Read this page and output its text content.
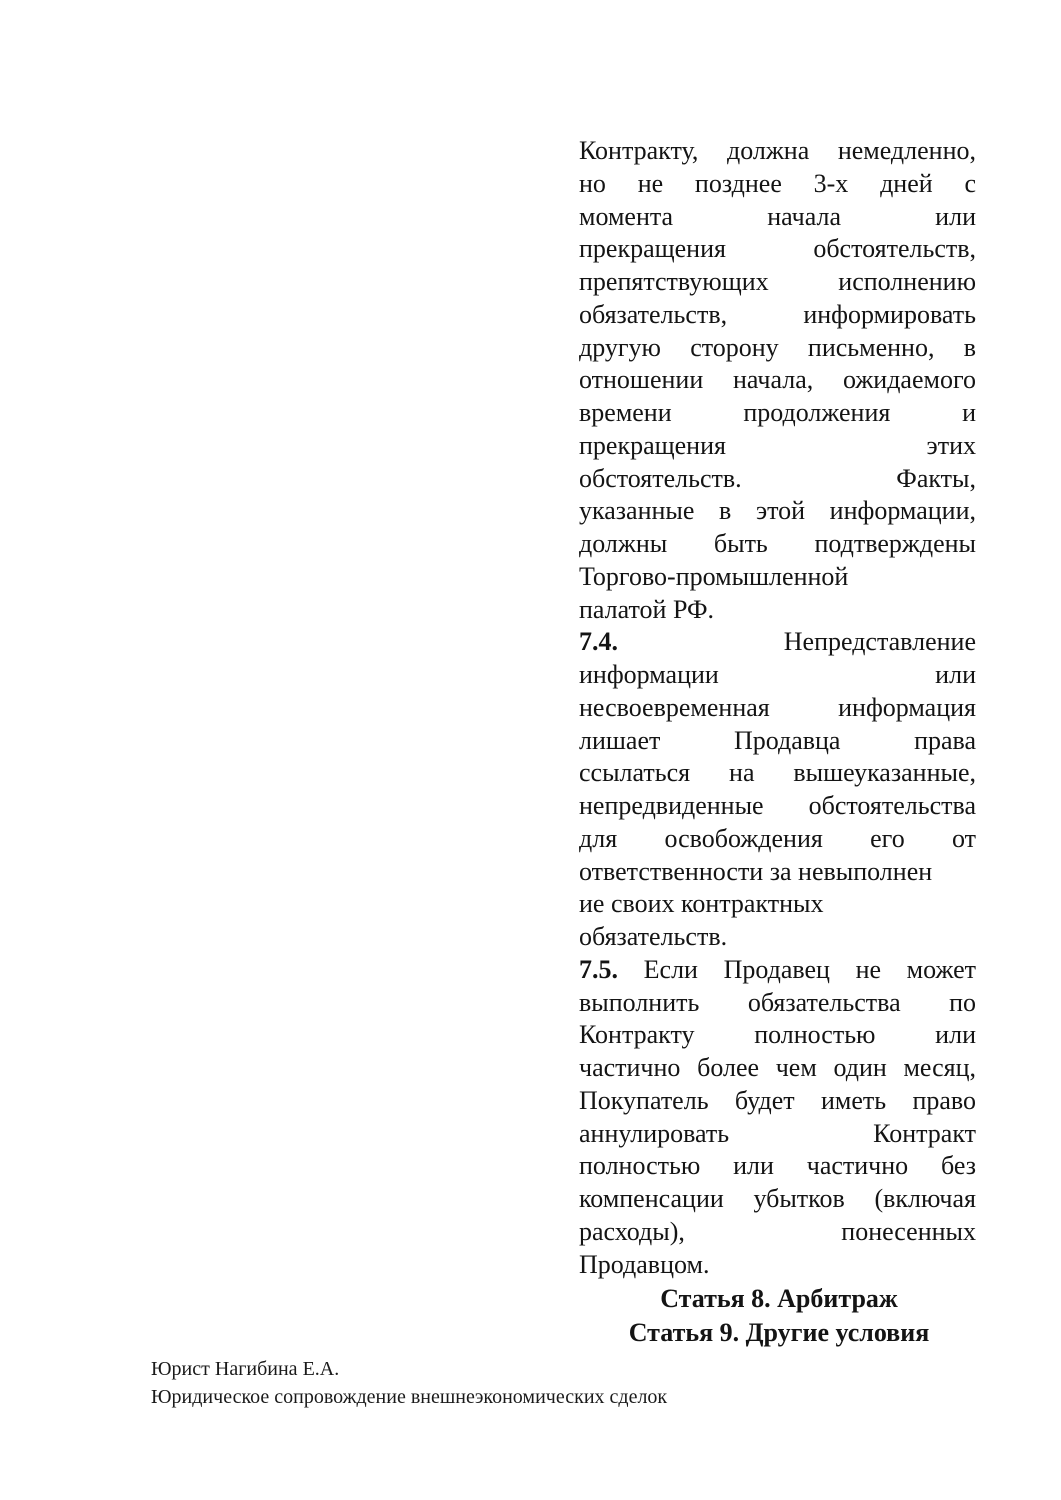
Контракту, должна немедленно,
но не позднее 3-х дней с
момента начала или
прекращения обстоятельств,
препятствующих исполнению
обязательств, информировать
другую сторону письменно, в
отношении начала, ожидаемого
времени продолжения и
прекращения этих
обстоятельств. Факты,
указанные в этой информации,
должны быть подтверждены
Торгово-промышленной
палатой РФ.
7.4.	Непредставление
информации или
несвоевременная информация
лишает Продавца права
ссылаться на вышеуказанные,
непредвиденные обстоятельства
для освобождения его от
ответственности за невыполнен
ие своих контрактных
обязательств.
7.5. Если Продавец не может
выполнить обязательства по
Контракту полностью или
частично более чем один месяц,
Покупатель будет иметь право
аннулировать Контракт
полностью или частично без
компенсации убытков (включая
расходы), понесенных
Продавцом.
Статья 8. Арбитраж
Статья 9. Другие условия
Юрист Нагибина Е.А.
Юридическое сопровождение внешнеэкономических сделок
